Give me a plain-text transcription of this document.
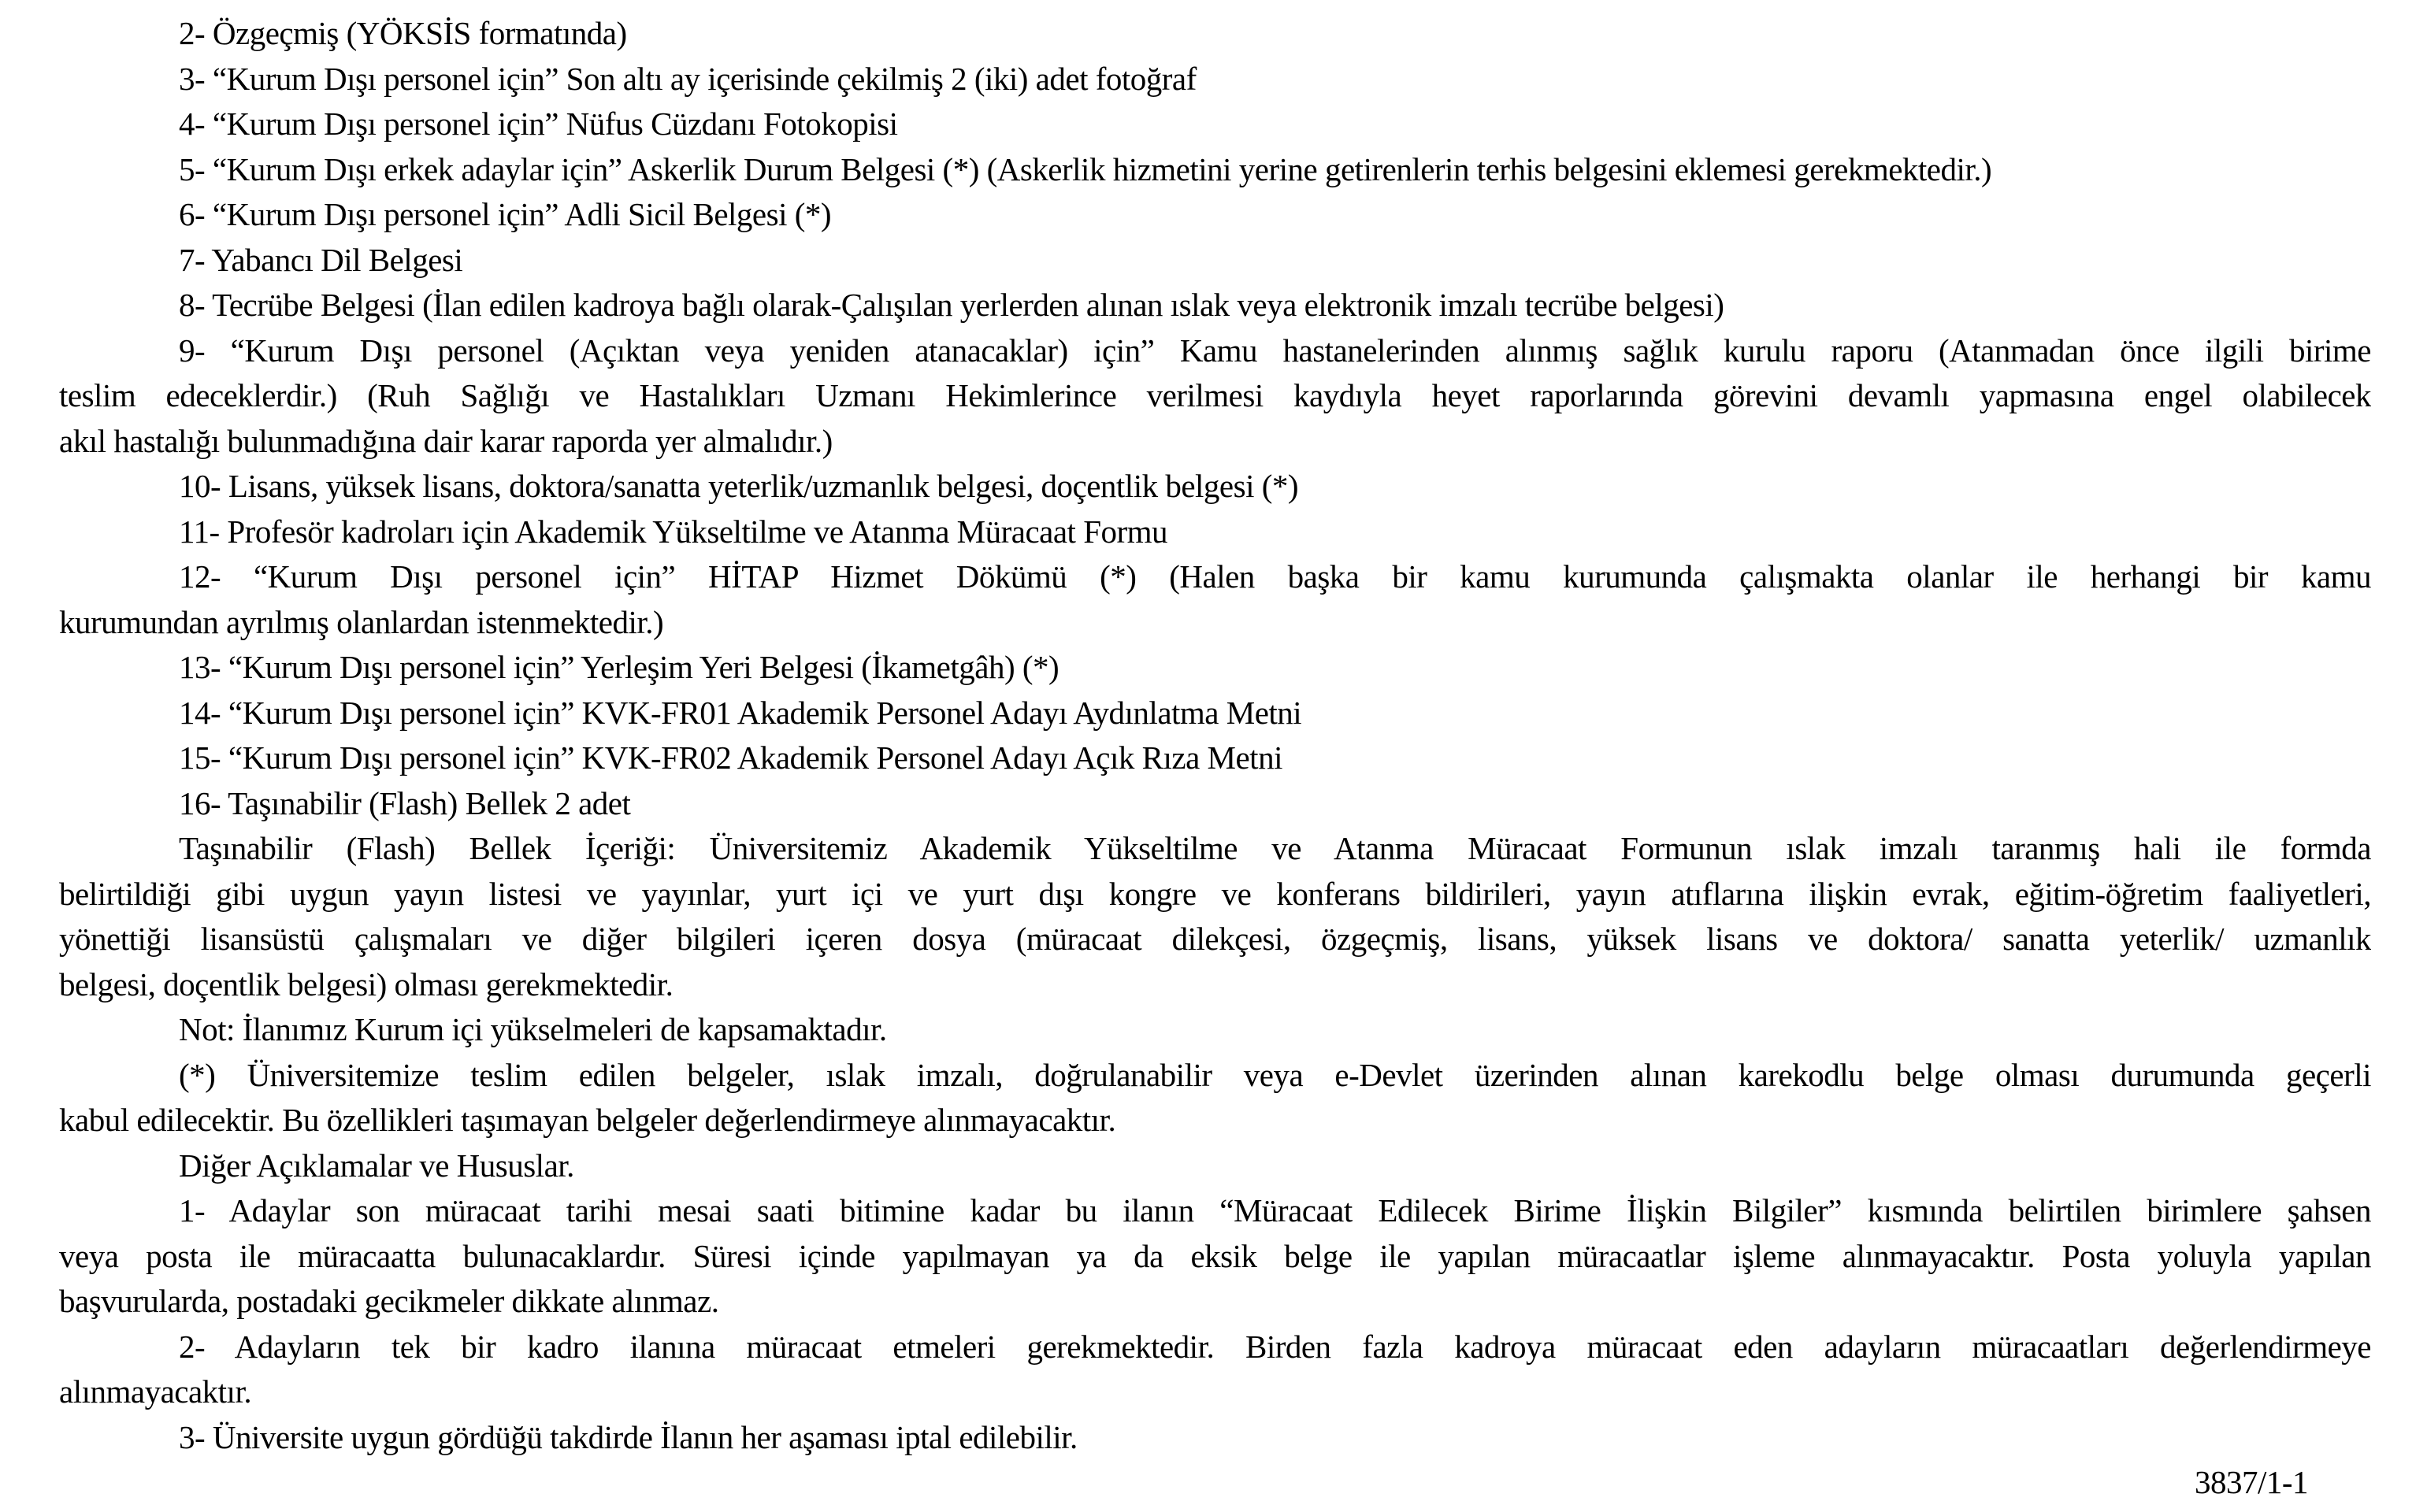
2- Özgeçmiş (YÖKSİS formatında)
3- “Kurum Dışı personel için” Son altı ay içerisinde çekilmiş 2 (iki) adet fotoğraf
4- “Kurum Dışı personel için” Nüfus Cüzdanı Fotokopisi
5- “Kurum Dışı erkek adaylar için” Askerlik Durum Belgesi (*) (Askerlik hizmetini yerine getirenlerin terhis belgesini eklemesi gerekmektedir.)
6- “Kurum Dışı personel için” Adli Sicil Belgesi (*)
7- Yabancı Dil Belgesi
8- Tecrübe Belgesi (İlan edilen kadroya bağlı olarak-Çalışılan yerlerden alınan ıslak veya elektronik imzalı tecrübe belgesi)
9- “Kurum Dışı personel (Açıktan veya yeniden atanacaklar) için” Kamu hastanelerinden alınmış sağlık kurulu raporu (Atanmadan önce ilgili birime
teslim edeceklerdir.) (Ruh Sağlığı ve Hastalıkları Uzmanı Hekimlerince verilmesi kaydıyla heyet raporlarında görevini devamlı yapmasına engel olabilecek
akıl hastalığı bulunmadığına dair karar raporda yer almalıdır.)
10- Lisans, yüksek lisans, doktora/sanatta yeterlik/uzmanlık belgesi, doçentlik belgesi (*)
11- Profesör kadroları için Akademik Yükseltilme ve Atanma Müracaat Formu
12- “Kurum Dışı personel için” HİTAP Hizmet Dökümü (*) (Halen başka bir kamu kurumunda çalışmakta olanlar ile herhangi bir kamu
kurumundan ayrılmış olanlardan istenmektedir.)
13- “Kurum Dışı personel için” Yerleşim Yeri Belgesi (İkametgâh) (*)
14- “Kurum Dışı personel için” KVK-FR01 Akademik Personel Adayı Aydınlatma Metni
15- “Kurum Dışı personel için” KVK-FR02 Akademik Personel Adayı Açık Rıza Metni
16- Taşınabilir (Flash) Bellek 2 adet
Taşınabilir (Flash) Bellek İçeriği: Üniversitemiz Akademik Yükseltilme ve Atanma Müracaat Formunun ıslak imzalı taranmış hali ile formda
belirtildiği gibi uygun yayın listesi ve yayınlar, yurt içi ve yurt dışı kongre ve konferans bildirileri, yayın atıflarına ilişkin evrak, eğitim-öğretim faaliyetleri,
yönettiği lisansüstü çalışmaları ve diğer bilgileri içeren dosya (müracaat dilekçesi, özgeçmiş, lisans, yüksek lisans ve doktora/ sanatta yeterlik/ uzmanlık
belgesi, doçentlik belgesi) olması gerekmektedir.
Not: İlanımız Kurum içi yükselmeleri de kapsamaktadır.
(*) Üniversitemize teslim edilen belgeler, ıslak imzalı, doğrulanabilir veya e-Devlet üzerinden alınan karekodlu belge olması durumunda geçerli
kabul edilecektir. Bu özellikleri taşımayan belgeler değerlendirmeye alınmayacaktır.
Diğer Açıklamalar ve Hususlar.
1- Adaylar son müracaat tarihi mesai saati bitimine kadar bu ilanın “Müracaat Edilecek Birime İlişkin Bilgiler” kısmında belirtilen birimlere şahsen
veya posta ile müracaatta bulunacaklardır. Süresi içinde yapılmayan ya da eksik belge ile yapılan müracaatlar işleme alınmayacaktır. Posta yoluyla yapılan
başvurularda, postadaki gecikmeler dikkate alınmaz.
2- Adayların tek bir kadro ilanına müracaat etmeleri gerekmektedir. Birden fazla kadroya müracaat eden adayların müracaatları değerlendirmeye
alınmayacaktır.
3- Üniversite uygun gördüğü takdirde İlanın her aşaması iptal edilebilir.
3837/1-1
